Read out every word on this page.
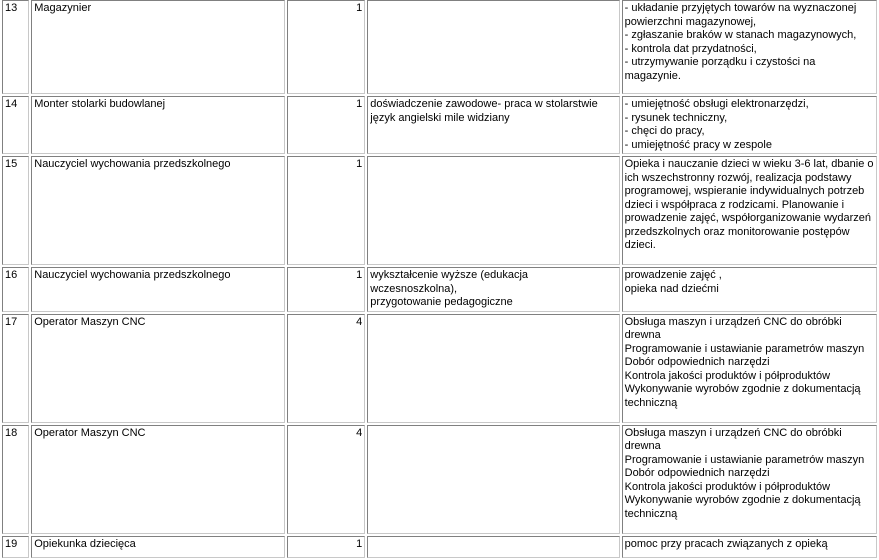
13	Magazynier	1		- układanie przyjętych towarów na wyznaczonej powierzchni magazynowej,
- zgłaszanie braków w stanach magazynowych,
- kontrola dat przydatności,
- utrzymywanie porządku i czystości na magazynie.
14	Monter stolarki budowlanej	1	doświadczenie zawodowe- praca w stolarstwie język angielski mile widziany	- umiejętność obsługi elektronarzędzi,
- rysunek techniczny,
- chęci do pracy,
- umiejętność pracy w zespole
15	Nauczyciel wychowania przedszkolnego	1		Opieka i nauczanie dzieci w wieku 3-6 lat, dbanie o ich wszechstronny rozwój, realizacja podstawy programowej, wspieranie indywidualnych potrzeb dzieci i współpraca z rodzicami. Planowanie i prowadzenie zajęć, współorganizowanie wydarzeń przedszkolnych oraz monitorowanie postępów dzieci.
16	Nauczyciel wychowania przedszkolnego	1	wykształcenie wyższe (edukacja wczesnoszkolna),
przygotowanie pedagogiczne	prowadzenie zajęć ,
opieka nad dziećmi
17	Operator Maszyn CNC	4		Obsługa maszyn i urządzeń CNC do obróbki drewna
Programowanie i ustawianie parametrów maszyn
Dobór odpowiednich narzędzi
Kontrola jakości produktów i półproduktów
Wykonywanie wyrobów zgodnie z dokumentacją techniczną
18	Operator Maszyn CNC	4		Obsługa maszyn i urządzeń CNC do obróbki drewna
Programowanie i ustawianie parametrów maszyn
Dobór odpowiednich narzędzi
Kontrola jakości produktów i półproduktów
Wykonywanie wyrobów zgodnie z dokumentacją techniczną
19	Opiekunka dziecięca	1		pomoc przy pracach związanych z opieką
